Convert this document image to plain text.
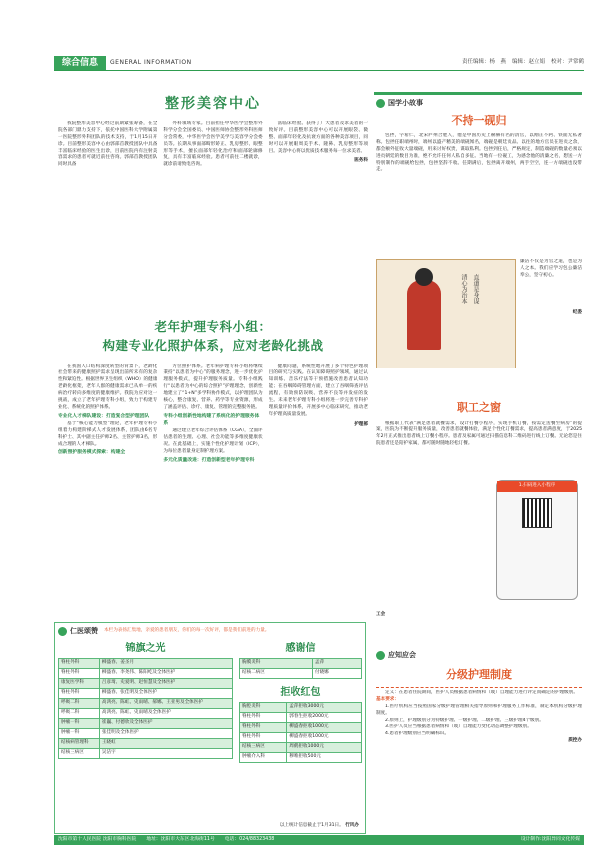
综合信息	GENERAL INFORMATION	责任编辑：杨　燕 编辑：赵立娟 校对：尹常鹤
整形美容中心

我院整形美容中心经过前期紧张筹备，在全院各部门鼎力支持下，依托中国医科大学附属第一医院整形外科团队的技术支持，于1月15日开诊。目前整形美容中心由郭部首教授团队中具备丰富临床经验的医生出诊，目前医院内有注射美容需求的患者可就近前往咨询。郭部首教授团队同时具备

外科领域专家。目前担任中华医学会整形外科学分会全国委员、中国医师协会整形外科医师分会常委，中华医学会医学美学与美容学分会委员等。长期从事面部畸形矫正、乳房整形、眼整形等手术，擅长面部年轻化治疗和面部轮廓修复，具有丰富临床经验。患者可前往二楼就诊，就诊前请致电咨询。

富临床经验。获得了广大患者及求美者的一致好评。目前整形美容中心可以开展眼袋、微整、面部年轻化及抗衰方面的各种美容项目，同时可以开展眼周美手术、隆鼻、乳房整形等项目。美容中心将以优质技术服务每一位求美者。

医务科
老年护理专科小组：
构建专业化照护体系，应对老龄化挑战

在我国人口结构深度转型的背景下，老龄化社会带来的健康照护需求呈现出前所未有的复杂性和紧迫性。根据世界卫生组织（WHO）的健康老龄化框架，老年人群的健康需求已从单一的疾病治疗转向多维度的健康维护。我院为应对这一挑战，成立了老年护理专科小组，致力于构建专业化、系统化的照护体系。

专业化人才梯队建设：打造复合型护理团队

基于“核心能力模型”理论，老年护理专科小组着力构建阶梯式人才发展体系，团队由6名专科护士、其中副主任护师2名、主管护师3名，形成合理的人才梯队。

创新照护服务模式探索：构建全

方位照护体系。老年病护理专科小组将继续秉持“以患者为中心”的服务理念，进一步优化护理服务模式，提升护理服务质量。专科小组践行“以患者为中心的综合照护”护理理念，创新性地建立了“1+N”多学科协作模式，以护理团队为核心，整合康复、营养、药学等专业资源，形成了涵盖评估、诊疗、康复、管理的完整服务链。

专科小组创新性地构建了系统化的护理服务体系

通过建立老年综合评估体系（CGA），全面评估患者的生理、心理、社会功能等多维度健康状况。在此基础上，实施个性化护理计划（ICP），为每位患者量身定制护理方案。

多元化质量改进：打造创新型老年护理专科

健康问题，系统性地开展了多个特色护理项目的研究与实践。在认知障碍照护领域，通过认知训练、音乐疗法等干预措施改善患者认知功能；在吞咽障碍管理方面，建立了吞咽筛查评估流程，有效预防误吸、营养不良等并发症的发生。未来老年护理专科小组将进一步完善专科护理质量评价体系，开展多中心临床研究，推动老年护理高质量发展。

护理部
国学小故事
不持一砚归

包拯，字希仁，北宋庐州合肥人，他是中国历史上赫赫有名的清官，以刚正不阿、铁面无私著称。包拯任职端州时，端州以盛产精美的端砚闻名，端砚是朝廷贡品。以往的地方官员在进贡之余，都会额外征收大量端砚，用来讨好权贵，谋取私利。包拯到任后，严格规定，制造端砚的数量必须以进贡朝廷的数目为准，绝不允许任何人私自多征。当地有一位砚工，为感念他的清廉之名，想送一方特别制作的端砚给包拯，包拯坚辞不收。任期满后，包拯离开端州，两手空空，连一方端砚也没带走。

清心为治本 直道是身谋

廉洁不仅是为官之道，也是为人之本。我们应学习包公廉洁奉公，坚守初心。

纪委
职工之窗

根据职工代表“满足患者就餐需求，设计打餐小程序，实现手机订餐，按需定送餐至病房”的提案，医院为不断提升服务质量，改善患者就餐体验，满足个性化订餐需求，提高患者满意度，于2025年2月正式推出患者线上订餐小程序。患者及家属可通过扫描信息科二维码进行线上订餐。无论您是住院患者还是陪护家属，都可随时随地轻松订餐。

1.扫码进入小程序
工会
仁医颂赞 本栏为表扬汇集地，亲爱的患者朋友，你们的每一次好评，都是我们前进的力量。
锦旗之光
脊柱外科	柳盛春、姜圣月
脊柱外科	柳盛春、李尧伟、陈阳屹及全体医护
康复医学科	吕彦琦、史爱明、赵恒慧及全体医护
脊柱外科	柳盛春、张佳明及全体医护
呼吸二科	高鸿亮、陈虹、史雨晴、郝娜、王亚男及全体医护
呼吸二科	高鸿亮、陈虹、史雨晴及全体医护
肿瘤一科	崔巍、付德欣及全体医护
肿瘤一科	张佳明及全体医护
结核病管理科	王晓虹
结核三病区	吴洁宇
感谢信
胸膜炎科	孟萍
结核二病区	付晓娜
拒收红包
胸腔炎科	孟萍拒收3000元
脊柱外科	郭春生拒收2000元
脊柱外科	柳盛春拒收1000元
脊柱外科	柳盛春拒收1000元
结核三病区	周鹤拒收1000元
肿瘤介入科	穆唯拒收500元
以上统计信息截止于1月31日。 行风办
应知应会
分级护理制度

定义：在患者住院期间，医护人员根据患者病情和（或）自理能力进行评定而确定的护理级别。

基本要求：

1.医疗机构应当按照国家分级护理管理相关指导原则和护理服务工作标准，制定本机构分级护理制度。

2.原则上，护理级别分为特级护理、一级护理、二级护理、三级护理4个级别。

3.医护人员应当根据患者病情和（或）自理能力变化动态调整护理级别。

4.患者护理级别应当明确标识。

质控办
沈阳市第十人民医院 沈阳市胸科医院 地址：沈阳市大东区北海街11号 电话：024/88323438	设计制作:沈阳异同文化传媒
